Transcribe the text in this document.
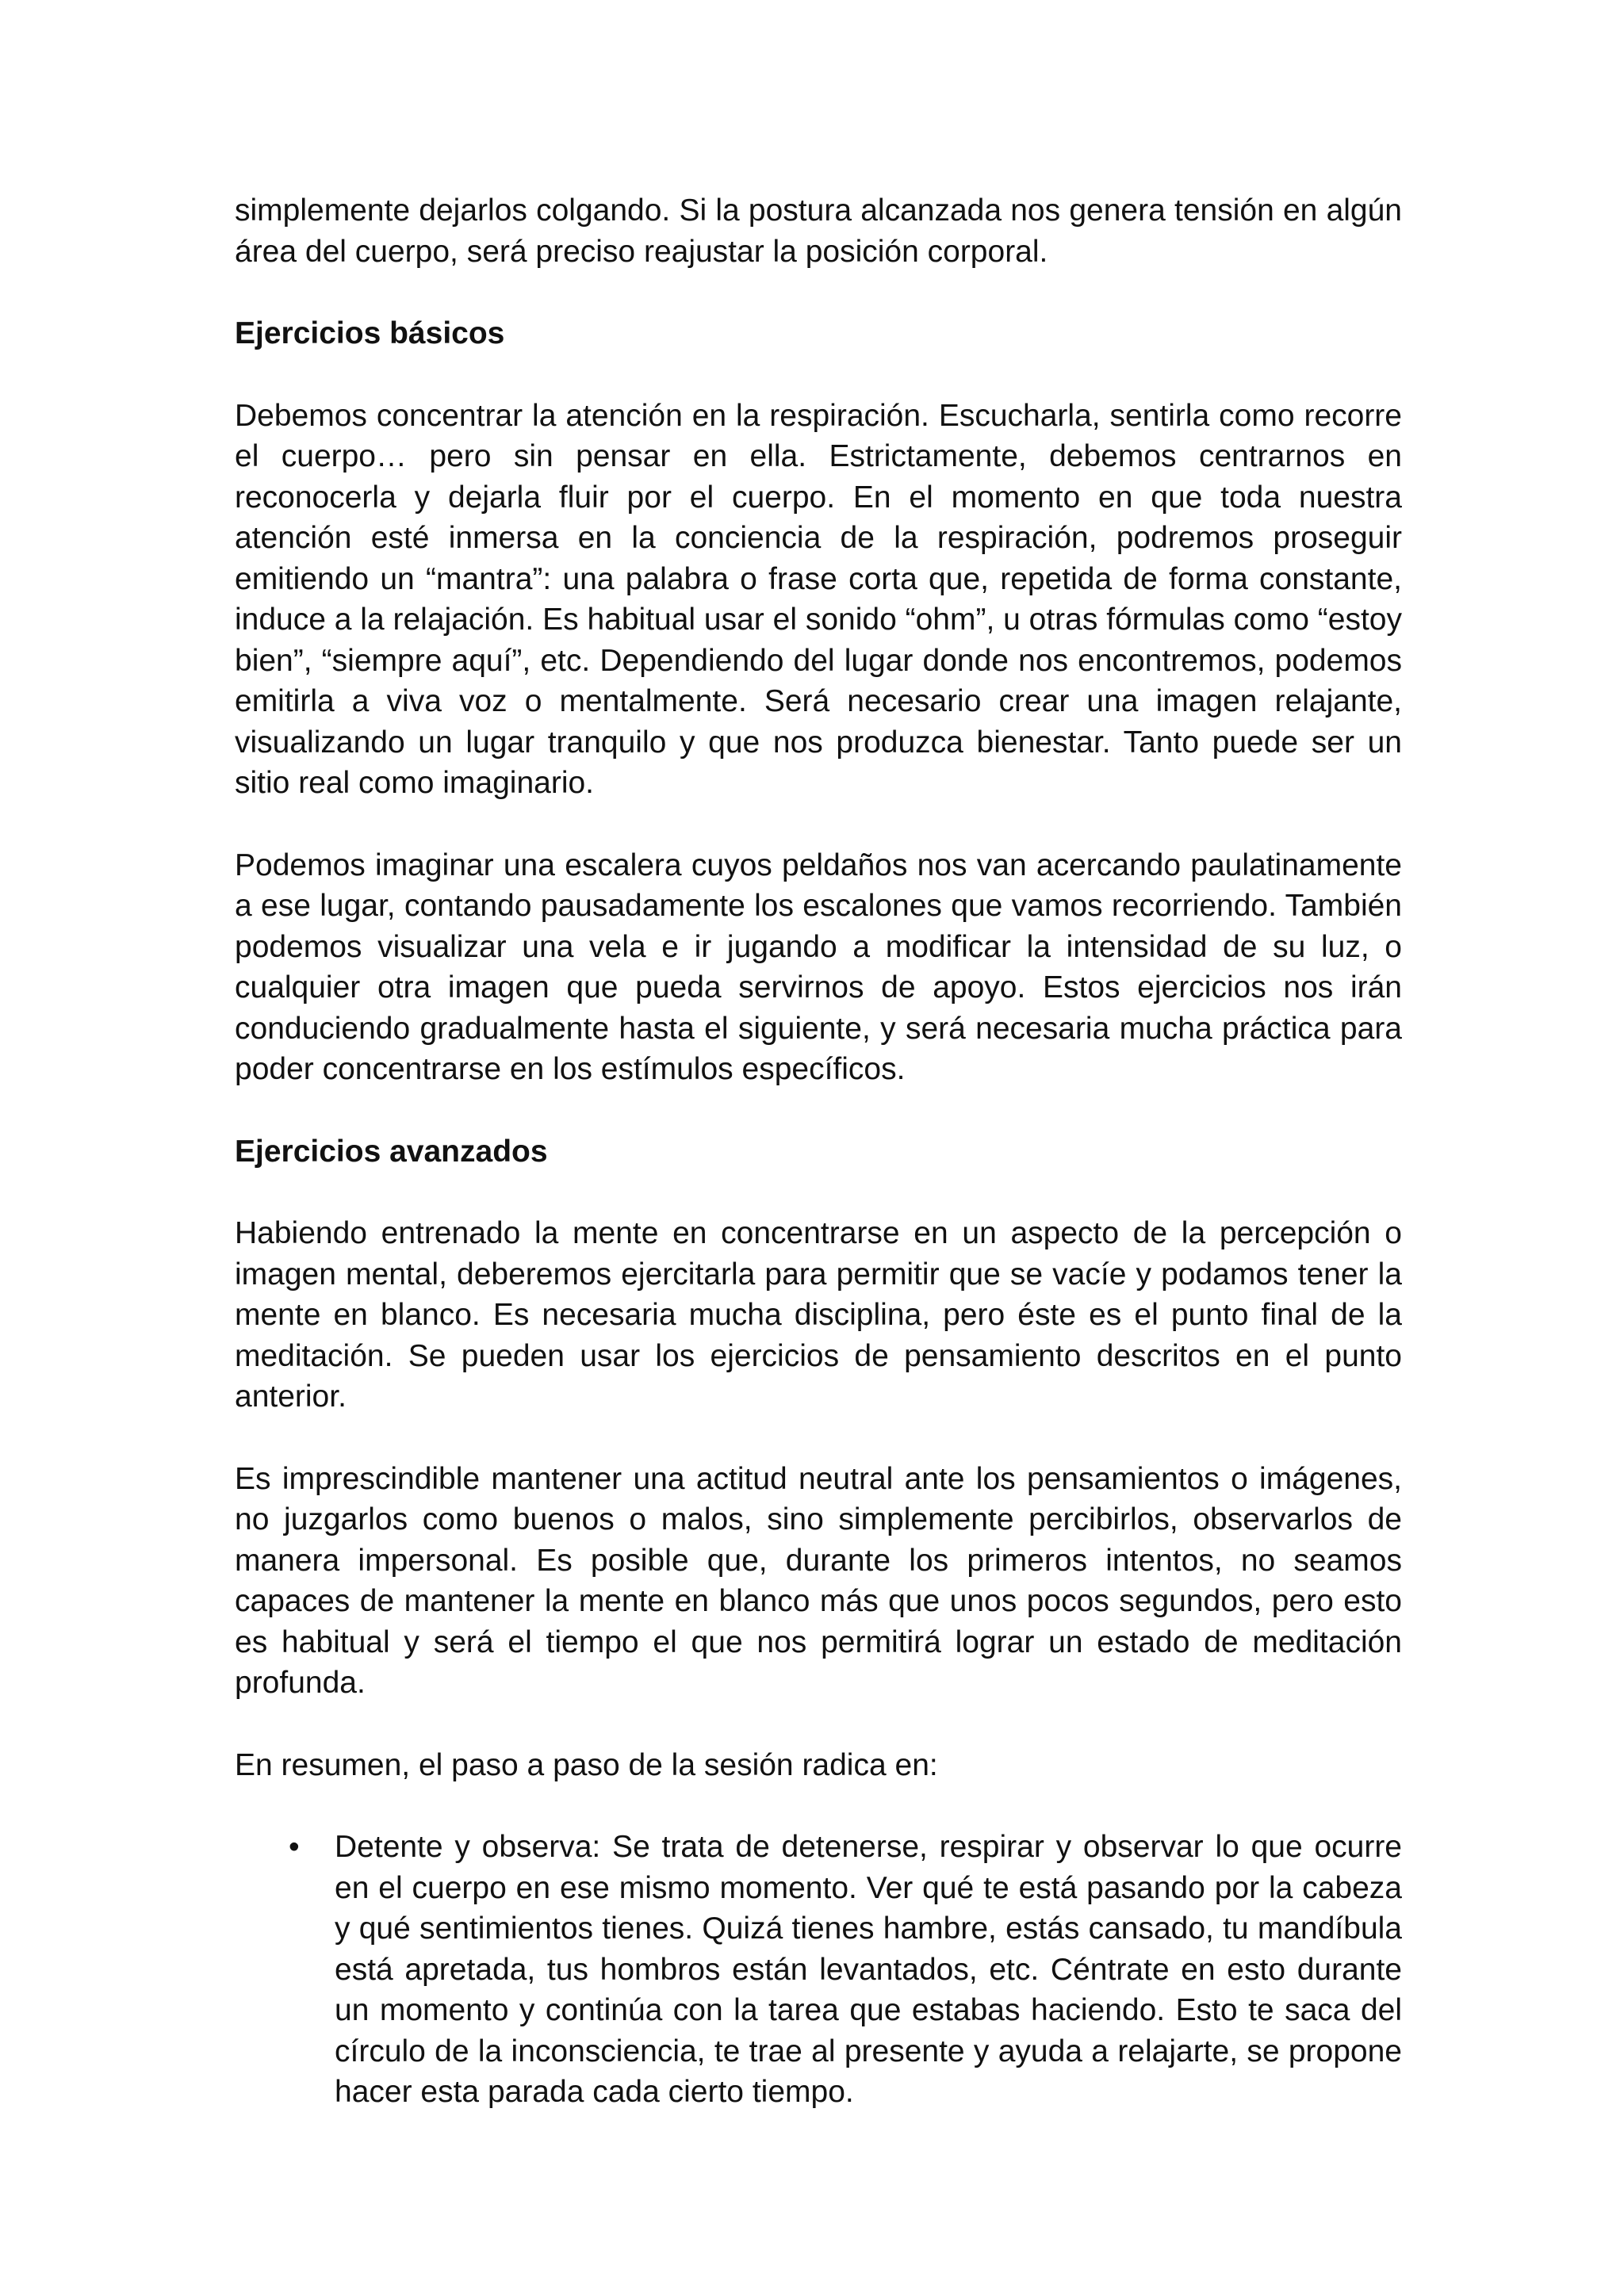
simplemente dejarlos colgando. Si la postura alcanzada nos genera tensión en algún área del cuerpo, será preciso reajustar la posición corporal.

Ejercicios básicos

Debemos concentrar la atención en la respiración. Escucharla, sentirla como recorre el cuerpo… pero sin pensar en ella. Estrictamente, debemos centrarnos en reconocerla y dejarla fluir por el cuerpo. En el momento en que toda nuestra atención esté inmersa en la conciencia de la respiración, podremos proseguir emitiendo un “mantra”: una palabra o frase corta que, repetida de forma constante, induce a la relajación. Es habitual usar el sonido “ohm”, u otras fórmulas como “estoy bien”, “siempre aquí”, etc. Dependiendo del lugar donde nos encontremos, podemos emitirla a viva voz o mentalmente. Será necesario crear una imagen relajante, visualizando un lugar tranquilo y que nos produzca bienestar. Tanto puede ser un sitio real como imaginario.

Podemos imaginar una escalera cuyos peldaños nos van acercando paulatinamente a ese lugar, contando pausadamente los escalones que vamos recorriendo. También podemos visualizar una vela e ir jugando a modificar la intensidad de su luz, o cualquier otra imagen que pueda servirnos de apoyo. Estos ejercicios nos irán conduciendo gradualmente hasta el siguiente, y será necesaria mucha práctica para poder concentrarse en los estímulos específicos.

Ejercicios avanzados

Habiendo entrenado la mente en concentrarse en un aspecto de la percepción o imagen mental, deberemos ejercitarla para permitir que se vacíe y podamos tener la mente en blanco. Es necesaria mucha disciplina, pero éste es el punto final de la meditación. Se pueden usar los ejercicios de pensamiento descritos en el punto anterior.

Es imprescindible mantener una actitud neutral ante los pensamientos o imágenes, no juzgarlos como buenos o malos, sino simplemente percibirlos, observarlos de manera impersonal. Es posible que, durante los primeros intentos, no seamos capaces de mantener la mente en blanco más que unos pocos segundos, pero esto es habitual y será el tiempo el que nos permitirá lograr un estado de meditación profunda.

En resumen, el paso a paso de la sesión radica en:

• Detente y observa: Se trata de detenerse, respirar y observar lo que ocurre en el cuerpo en ese mismo momento. Ver qué te está pasando por la cabeza y qué sentimientos tienes. Quizá tienes hambre, estás cansado, tu mandíbula está apretada, tus hombros están levantados, etc. Céntrate en esto durante un momento y continúa con la tarea que estabas haciendo. Esto te saca del círculo de la inconsciencia, te trae al presente y ayuda a relajarte, se propone hacer esta parada cada cierto tiempo.
